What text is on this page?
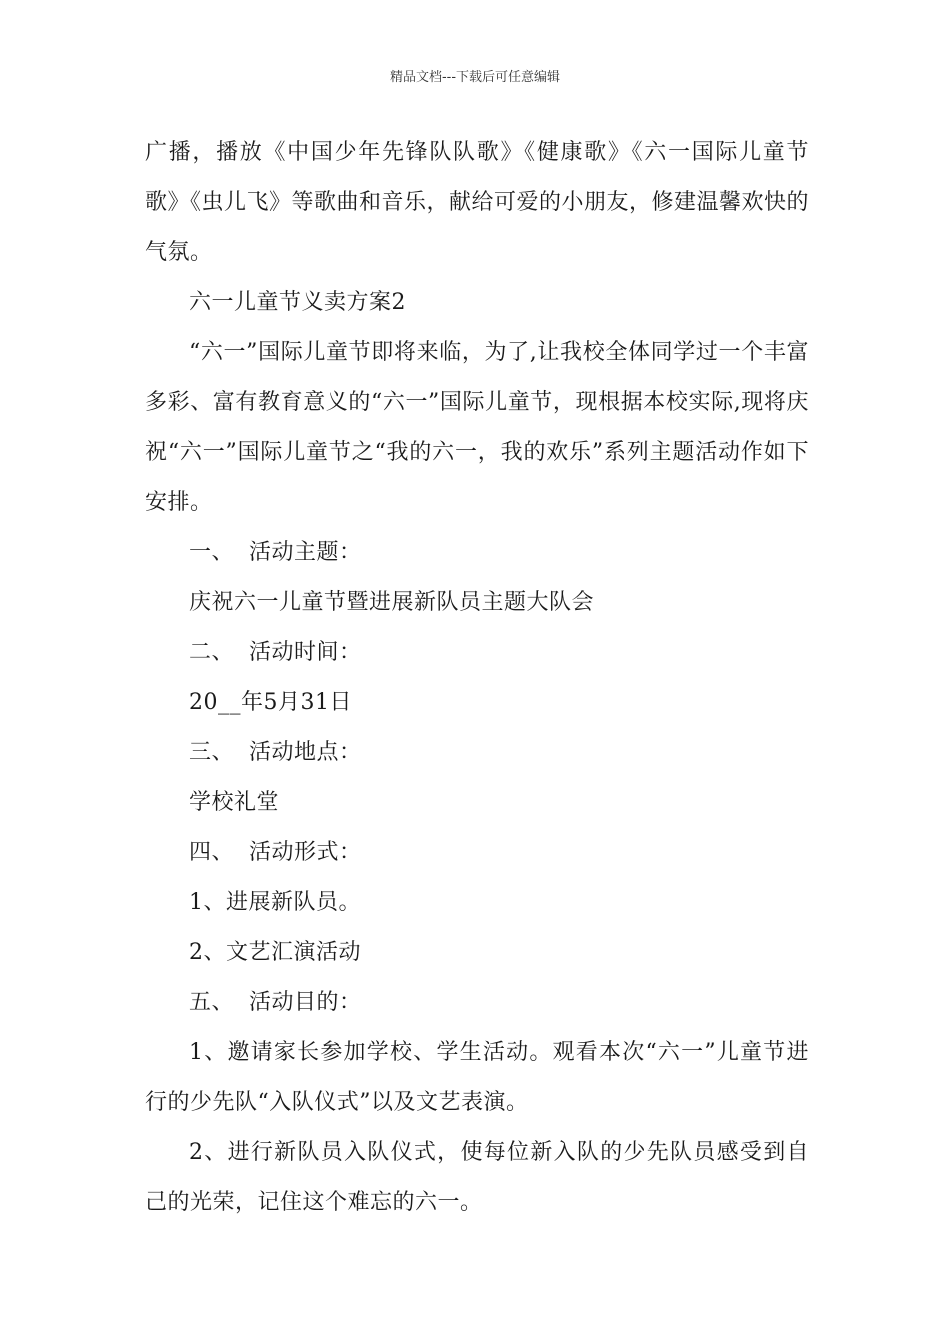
精品文档---下载后可任意编辑

广播，播放《中国少年先锋队队歌》《健康歌》《六一国际儿童节歌》《虫儿飞》等歌曲和音乐，献给可爱的小朋友，修建温馨欢快的气氛。

六一儿童节义卖方案2

“六一”国际儿童节即将来临，为了,让我校全体同学过一个丰富多彩、富有教育意义的“六一”国际儿童节，现根据本校实际,现将庆祝“六一”国际儿童节之“我的六一，我的欢乐”系列主题活动作如下安排。

一、  活动主题：

庆祝六一儿童节暨进展新队员主题大队会

二、  活动时间：

20__年5月31日

三、  活动地点：

学校礼堂

四、  活动形式：

1、进展新队员。

2、文艺汇演活动

五、  活动目的：

1、邀请家长参加学校、学生活动。观看本次“六一”儿童节进行的少先队“入队仪式”以及文艺表演。

2、进行新队员入队仪式，使每位新入队的少先队员感受到自己的光荣，记住这个难忘的六一。
